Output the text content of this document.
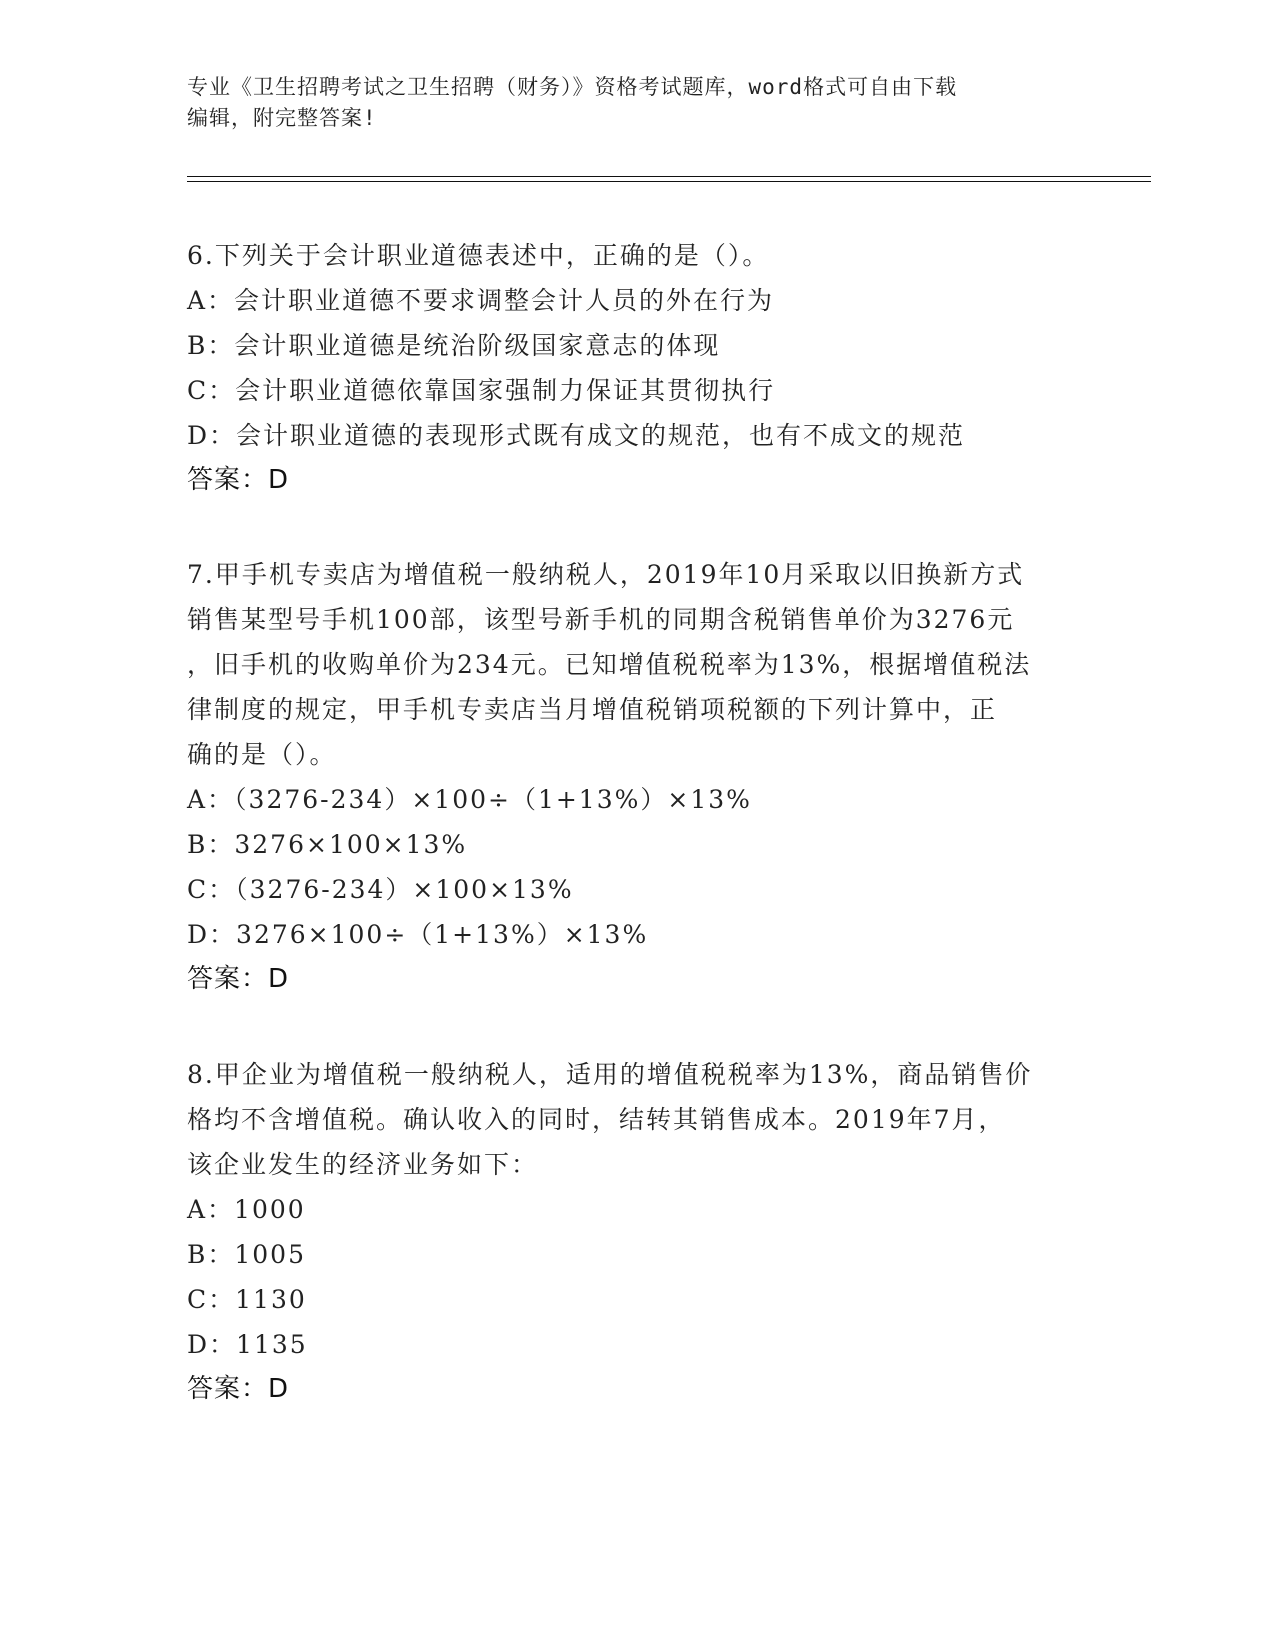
专业《卫生招聘考试之卫生招聘（财务）》资格考试题库，word格式可自由下载
编辑，附完整答案!

6.下列关于会计职业道德表述中，正确的是（）。

A：会计职业道德不要求调整会计人员的外在行为

B：会计职业道德是统治阶级国家意志的体现

C：会计职业道德依靠国家强制力保证其贯彻执行

D：会计职业道德的表现形式既有成文的规范，也有不成文的规范

答案：D

7.甲手机专卖店为增值税一般纳税人，2019年10月采取以旧换新方式

销售某型号手机100部，该型号新手机的同期含税销售单价为3276元

，旧手机的收购单价为234元。已知增值税税率为13%，根据增值税法

律制度的规定，甲手机专卖店当月增值税销项税额的下列计算中，正

确的是（）。

A：（3276-234）×100÷（1+13%）×13%

B：3276×100×13%

C：（3276-234）×100×13%

D：3276×100÷（1+13%）×13%

答案：D

8.甲企业为增值税一般纳税人，适用的增值税税率为13%，商品销售价

格均不含增值税。确认收入的同时，结转其销售成本。2019年7月，

该企业发生的经济业务如下：

A：1000

B：1005

C：1130

D：1135

答案：D
